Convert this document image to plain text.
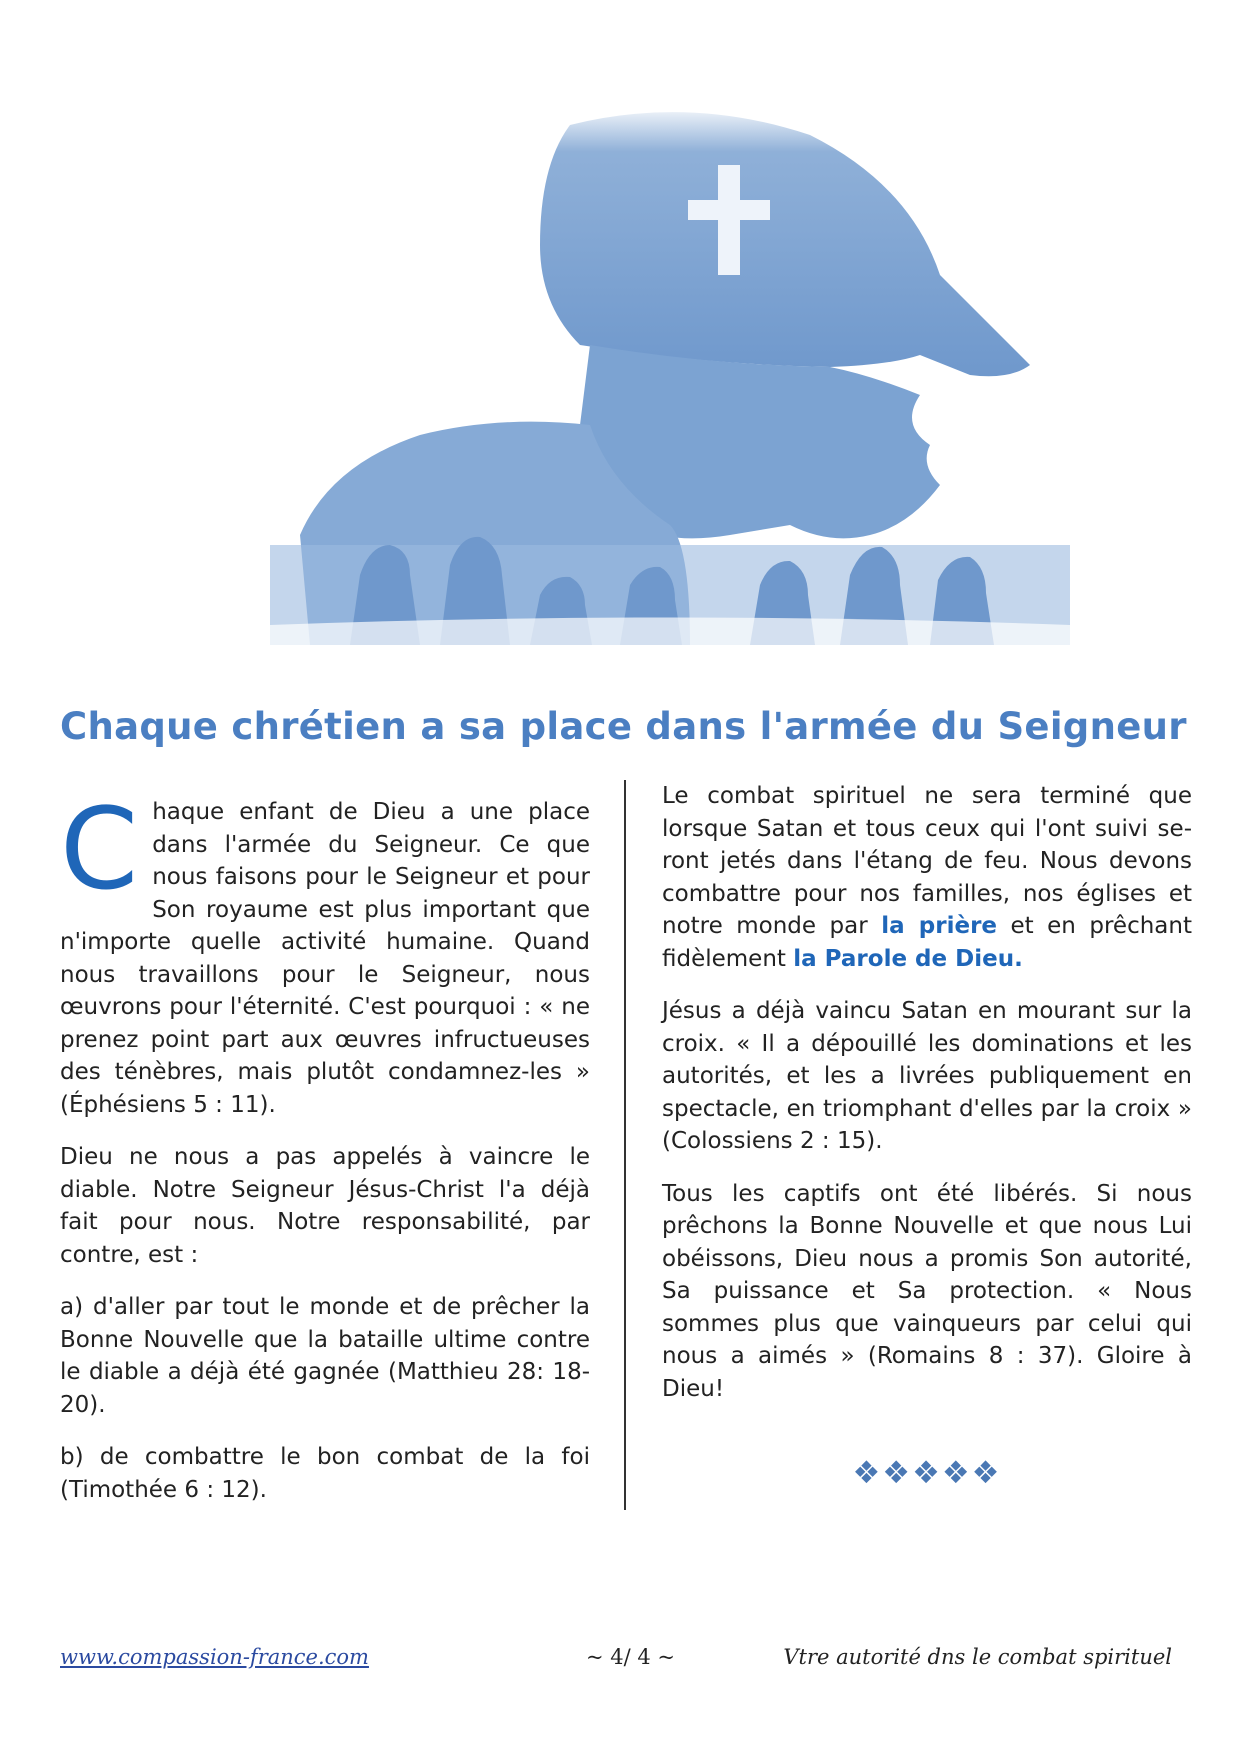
Chaque chrétien a sa place dans l'armée du Seigneur

Chaque enfant de Dieu a une place dans l'armée du Seigneur. Ce que nous faisons pour le Seigneur et pour Son royaume est plus important que n'importe quelle activité humaine. Quand nous travaillons pour le Seigneur, nous œuvrons pour l'éternité. C'est pourquoi : « ne prenez point part aux œuvres infructueuses des ténèbres, mais plutôt condamnez-les » (Éphésiens 5 : 11).

Dieu ne nous a pas appelés à vaincre le diable. Notre Seigneur Jésus-Christ l'a déjà fait pour nous. Notre responsabilité, par contre, est :

a) d'aller par tout le monde et de prêcher la Bonne Nouvelle que la bataille ultime contre le diable a déjà été gagnée (Matthieu 28: 18-20).

b) de combattre le bon combat de la foi (Timothée 6 : 12).

Le combat spirituel ne sera terminé que lorsque Satan et tous ceux qui l'ont suivi seront jetés dans l'étang de feu. Nous devons combattre pour nos familles, nos églises et notre monde par la prière et en prêchant fidèlement la Parole de Dieu.

Jésus a déjà vaincu Satan en mourant sur la croix. « Il a dépouillé les dominations et les autorités, et les a livrées publiquement en spectacle, en triomphant d'elles par la croix » (Colossiens 2 : 15).

Tous les captifs ont été libérés. Si nous prêchons la Bonne Nouvelle et que nous Lui obéissons, Dieu nous a promis Son autorité, Sa puissance et Sa protection. « Nous sommes plus que vainqueurs par celui qui nous a aimés » (Romains 8 : 37). Gloire à Dieu!

❖❖❖❖❖
www.compassion-france.com	~ 4/ 4 ~	Vtre autorité dns le combat spirituel
